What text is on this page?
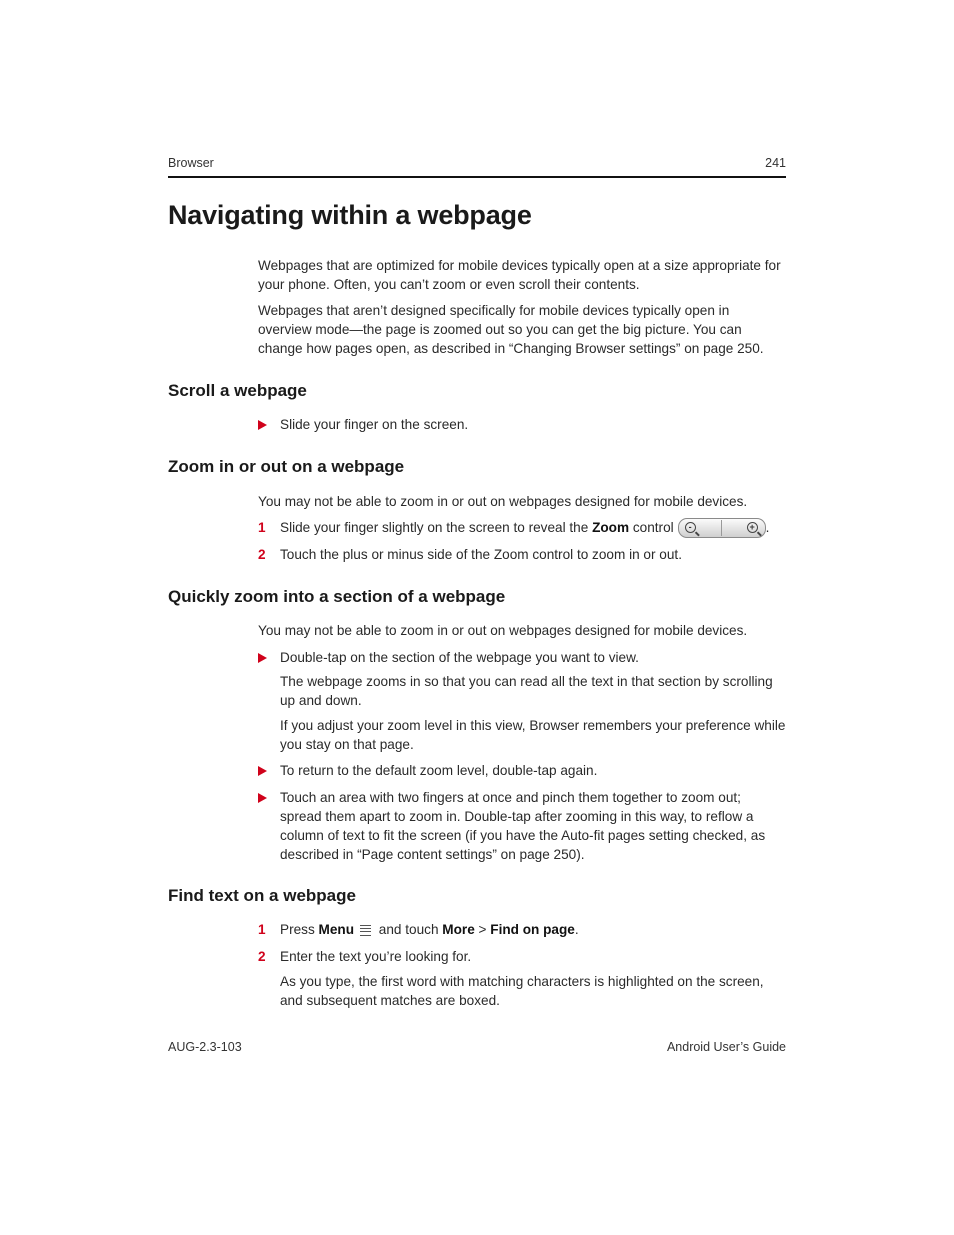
Browser	241
Navigating within a webpage

Webpages that are optimized for mobile devices typically open at a size appropriate for your phone. Often, you can’t zoom or even scroll their contents.

Webpages that aren’t designed specifically for mobile devices typically open in overview mode—the page is zoomed out so you can get the big picture. You can change how pages open, as described in “Changing Browser settings” on page 250.

Scroll a webpage
Slide your finger on the screen.
Zoom in or out on a webpage

You may not be able to zoom in or out on webpages designed for mobile devices.

1 Slide your finger slightly on the screen to reveal the Zoom control	-	+ .
2 Touch the plus or minus side of the Zoom control to zoom in or out.
Quickly zoom into a section of a webpage

You may not be able to zoom in or out on webpages designed for mobile devices.

Double-tap on the section of the webpage you want to view.

The webpage zooms in so that you can read all the text in that section by scrolling up and down.

If you adjust your zoom level in this view, Browser remembers your preference while you stay on that page.

To return to the default zoom level, double-tap again.
Touch an area with two fingers at once and pinch them together to zoom out; spread them apart to zoom in. Double-tap after zooming in this way, to reflow a column of text to fit the screen (if you have the Auto-fit pages setting checked, as described in “Page content settings” on page 250).
Find text on a webpage
1 Press Menu and touch More > Find on page.
2 Enter the text you’re looking for.

As you type, the first word with matching characters is highlighted on the screen, and subsequent matches are boxed.

AUG-2.3-103	Android User’s Guide
